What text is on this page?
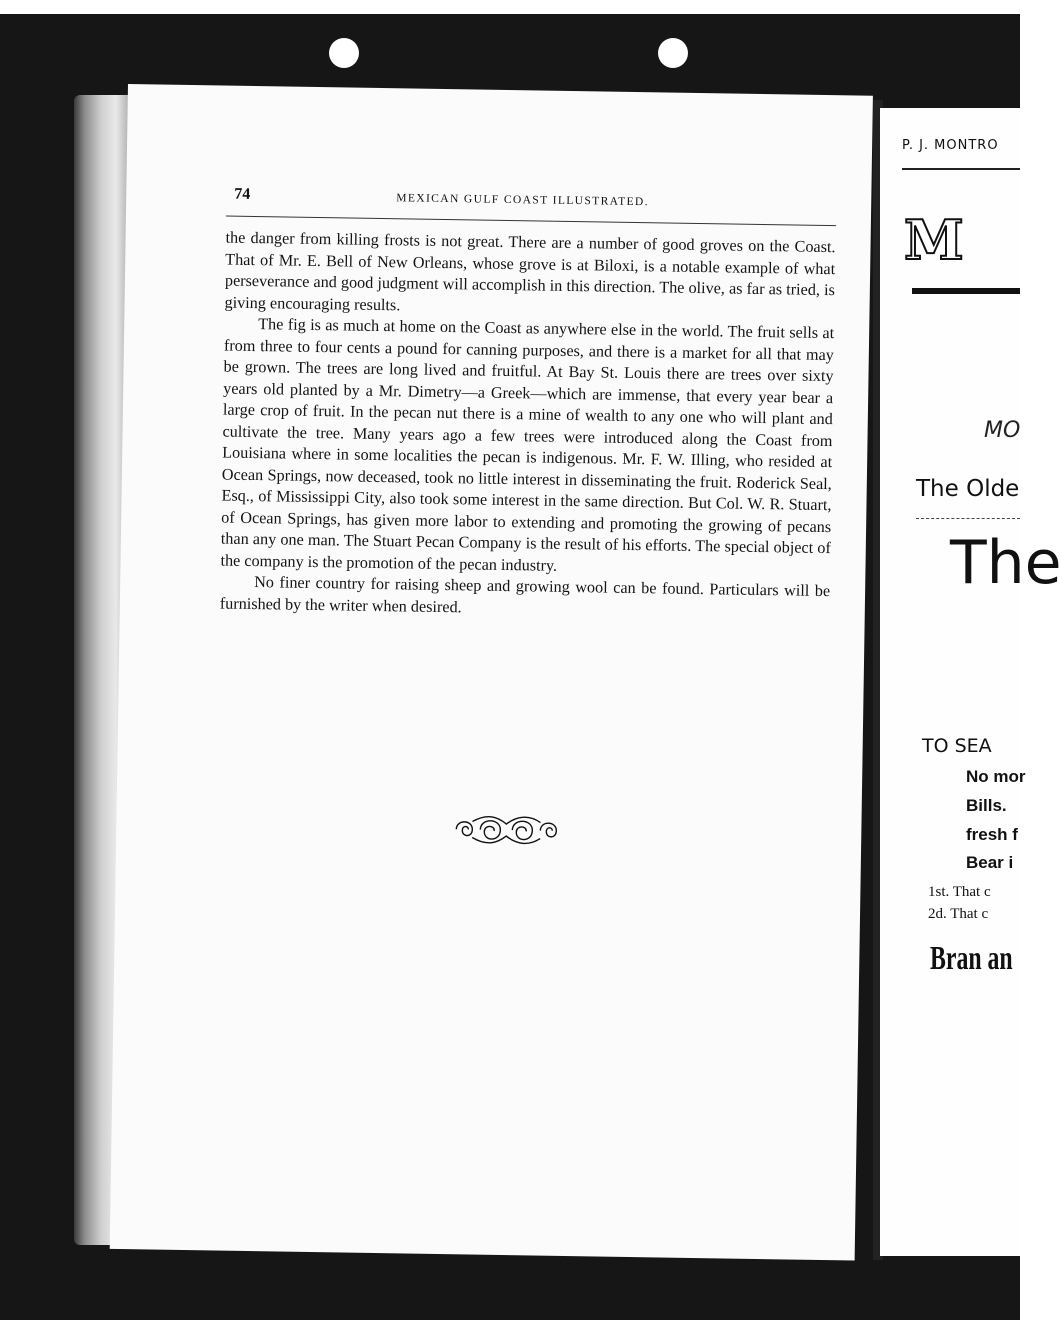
74	MEXICAN GULF COAST ILLUSTRATED.

the danger from killing frosts is not great. There are a number of good groves on the Coast. That of Mr. E. Bell of New Orleans, whose grove is at Biloxi, is a notable example of what perseverance and good judgment will accomplish in this direction. The olive, as far as tried, is giving encouraging results.

The fig is as much at home on the Coast as anywhere else in the world. The fruit sells at from three to four cents a pound for canning purposes, and there is a market for all that may be grown. The trees are long lived and fruitful. At Bay St. Louis there are trees over sixty years old planted by a Mr. Dimetry—a Greek—which are immense, that every year bear a large crop of fruit. In the pecan nut there is a mine of wealth to any one who will plant and cultivate the tree. Many years ago a few trees were introduced along the Coast from Louisiana where in some localities the pecan is indigenous. Mr. F. W. Illing, who resided at Ocean Springs, now deceased, took no little interest in disseminating the fruit. Roderick Seal, Esq., of Mississippi City, also took some interest in the same direction. But Col. W. R. Stuart, of Ocean Springs, has given more labor to extending and promoting the growing of pecans than any one man. The Stuart Pecan Company is the result of his efforts. The special object of the company is the promotion of the pecan industry.

No finer country for raising sheep and growing wool can be found. Particulars will be furnished by the writer when desired.

P. J. MONTRO
M
MO
The Olde
The
TO SEA
No mor
Bills.
fresh f
Bear i
1st. That c
2d. That c
Bran an
